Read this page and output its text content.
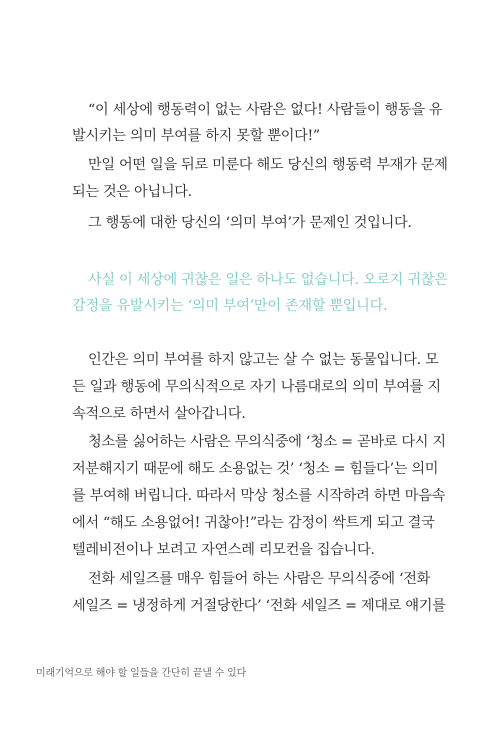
“이 세상에 행동력이 없는 사람은 없다! 사람들이 행동을 유
발시키는 의미 부여를 하지 못할 뿐이다!”
만일 어떤 일을 뒤로 미룬다 해도 당신의 행동력 부재가 문제
되는 것은 아닙니다.
그 행동에 대한 당신의 ‘의미 부여’가 문제인 것입니다.
사실 이 세상에 귀찮은 일은 하나도 없습니다. 오로지 귀찮은
감정을 유발시키는 ‘의미 부여’만이 존재할 뿐입니다.
인간은 의미 부여를 하지 않고는 살 수 없는 동물입니다. 모
든 일과 행동에 무의식적으로 자기 나름대로의 의미 부여를 지
속적으로 하면서 살아갑니다.
청소를 싫어하는 사람은 무의식중에 ‘청소 = 곧바로 다시 지
저분해지기 때문에 해도 소용없는 것’ ‘청소 = 힘들다’는 의미
를 부여해 버립니다. 따라서 막상 청소를 시작하려 하면 마음속
에서 “해도 소용없어! 귀찮아!”라는 감정이 싹트게 되고 결국
텔레비전이나 보려고 자연스레 리모컨을 집습니다.
전화 세일즈를 매우 힘들어 하는 사람은 무의식중에 ‘전화
세일즈 = 냉정하게 거절당한다’ ‘전화 세일즈 = 제대로 얘기를
미래기억으로 해야 할 일들을 간단히 끝낼 수 있다
